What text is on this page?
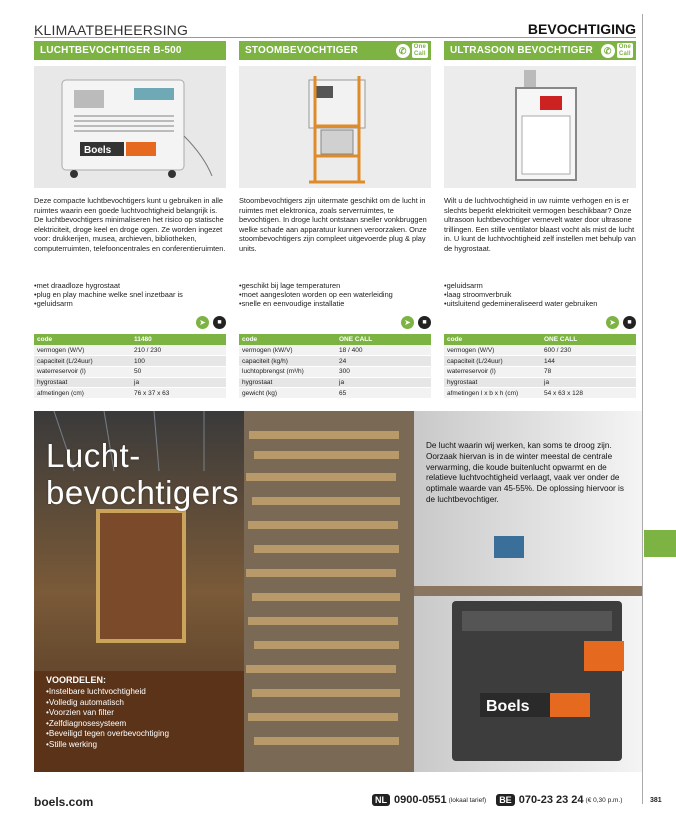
KLIMAATBEHEERSING	BEVOCHTIGING
LUCHTBEVOCHTIGER B-500
Boels
Deze compacte luchtbevochtigers kunt u gebruiken in alle ruimtes waarin een goede luchtvochtigheid belangrijk is. De luchtbevochtigers minimaliseren het risico op statische elektriciteit, droge keel en droge ogen. Ze worden ingezet voor: drukkerijen, musea, archieven, bibliotheken, computerruimten, telefooncentrales en conferentieruimten.
• met draadloze hygrostaat
• plug en play machine welke snel inzetbaar is
• geluidsarm
➤	■
code	11480
vermogen (W/V)	210 / 230
capaciteit (L/24uur)	100
waterreservoir (l)	50
hygrostaat	ja
afmetingen (cm)	76 x 37 x 63
STOOMBEVOCHTIGER	✆	One
Call
Stoombevochtigers zijn uitermate geschikt om de lucht in ruimtes met elektronica, zoals serverruimtes, te bevochtigen. In droge lucht ontstaan sneller vonkbruggen welke schade aan apparatuur kunnen veroorzaken. Onze stoombevochtigers zijn compleet uitgevoerde plug & play units.
• geschikt bij lage temperaturen
• moet aangesloten worden op een waterleiding
• snelle en eenvoudige installatie
➤	■
code	ONE CALL
vermogen (kW/V)	18 / 400
capaciteit (kg/h)	24
luchtopbrengst (m³/h)	300
hygrostaat	ja
gewicht (kg)	65
ULTRASOON BEVOCHTIGER	✆	One
Call
Wilt u de luchtvochtigheid in uw ruimte verhogen en is er slechts beperkt elektriciteit vermogen beschikbaar? Onze ultrasoon luchtbevochtiger vernevelt water door ultrasone trillingen. Een stille ventilator blaast vocht als mist de lucht in. U kunt de luchtvochtigheid zelf instellen met behulp van de hygrostaat.
• geluidsarm
• laag stroomverbruik
• uitsluitend gedemineraliseerd water gebruiken
➤	■
code	ONE CALL
vermogen (W/V)	600 / 230
capaciteit (L/24uur)	144
waterreservoir (l)	78
hygrostaat	ja
afmetingen l x b x h (cm)	54 x 63 x 128
Boels
Lucht-
bevochtigers
De lucht waarin wij werken, kan soms te droog zijn. Oorzaak hiervan is in de winter meestal de centrale verwarming, die koude buitenlucht opwarmt en de relatieve luchtvochtigheid verlaagt, vaak ver onder de optimale waarde van 45-55%. De oplossing hiervoor is de luchtbevochtiger.
VOORDELEN:
• Instelbare luchtvochtigheid
• Volledig automatisch
• Voorzien van filter
• Zelfdiagnosesysteem
• Beveiligd tegen overbevochtiging
• Stille werking
boels.com	NL 0900-0551 (lokaal tarief)	BE 070-23 23 24 (€ 0,30 p.m.)	381
